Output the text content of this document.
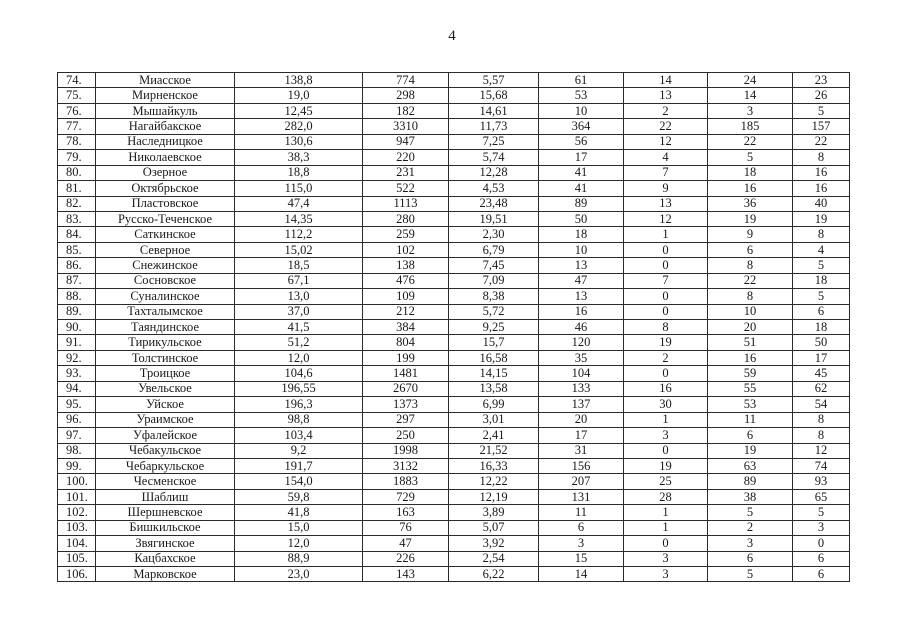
4
74.	Миасское	138,8	774	5,57	61	14	24	23
75.	Мирненское	19,0	298	15,68	53	13	14	26
76.	Мышайкуль	12,45	182	14,61	10	2	3	5
77.	Нагайбакское	282,0	3310	11,73	364	22	185	157
78.	Наследницкое	130,6	947	7,25	56	12	22	22
79.	Николаевское	38,3	220	5,74	17	4	5	8
80.	Озерное	18,8	231	12,28	41	7	18	16
81.	Октябрьское	115,0	522	4,53	41	9	16	16
82.	Пластовское	47,4	1113	23,48	89	13	36	40
83.	Русско-Теченское	14,35	280	19,51	50	12	19	19
84.	Саткинское	112,2	259	2,30	18	1	9	8
85.	Северное	15,02	102	6,79	10	0	6	4
86.	Снежинское	18,5	138	7,45	13	0	8	5
87.	Сосновское	67,1	476	7,09	47	7	22	18
88.	Суналинское	13,0	109	8,38	13	0	8	5
89.	Тахталымское	37,0	212	5,72	16	0	10	6
90.	Таяндинское	41,5	384	9,25	46	8	20	18
91.	Тирикульское	51,2	804	15,7	120	19	51	50
92.	Толстинское	12,0	199	16,58	35	2	16	17
93.	Троицкое	104,6	1481	14,15	104	0	59	45
94.	Увельское	196,55	2670	13,58	133	16	55	62
95.	Уйское	196,3	1373	6,99	137	30	53	54
96.	Ураимское	98,8	297	3,01	20	1	11	8
97.	Уфалейское	103,4	250	2,41	17	3	6	8
98.	Чебакульское	9,2	1998	21,52	31	0	19	12
99.	Чебаркульское	191,7	3132	16,33	156	19	63	74
100.	Чесменское	154,0	1883	12,22	207	25	89	93
101.	Шаблиш	59,8	729	12,19	131	28	38	65
102.	Шершневское	41,8	163	3,89	11	1	5	5
103.	Бишкильское	15,0	76	5,07	6	1	2	3
104.	Звягинское	12,0	47	3,92	3	0	3	0
105.	Кацбахское	88,9	226	2,54	15	3	6	6
106.	Марковское	23,0	143	6,22	14	3	5	6
